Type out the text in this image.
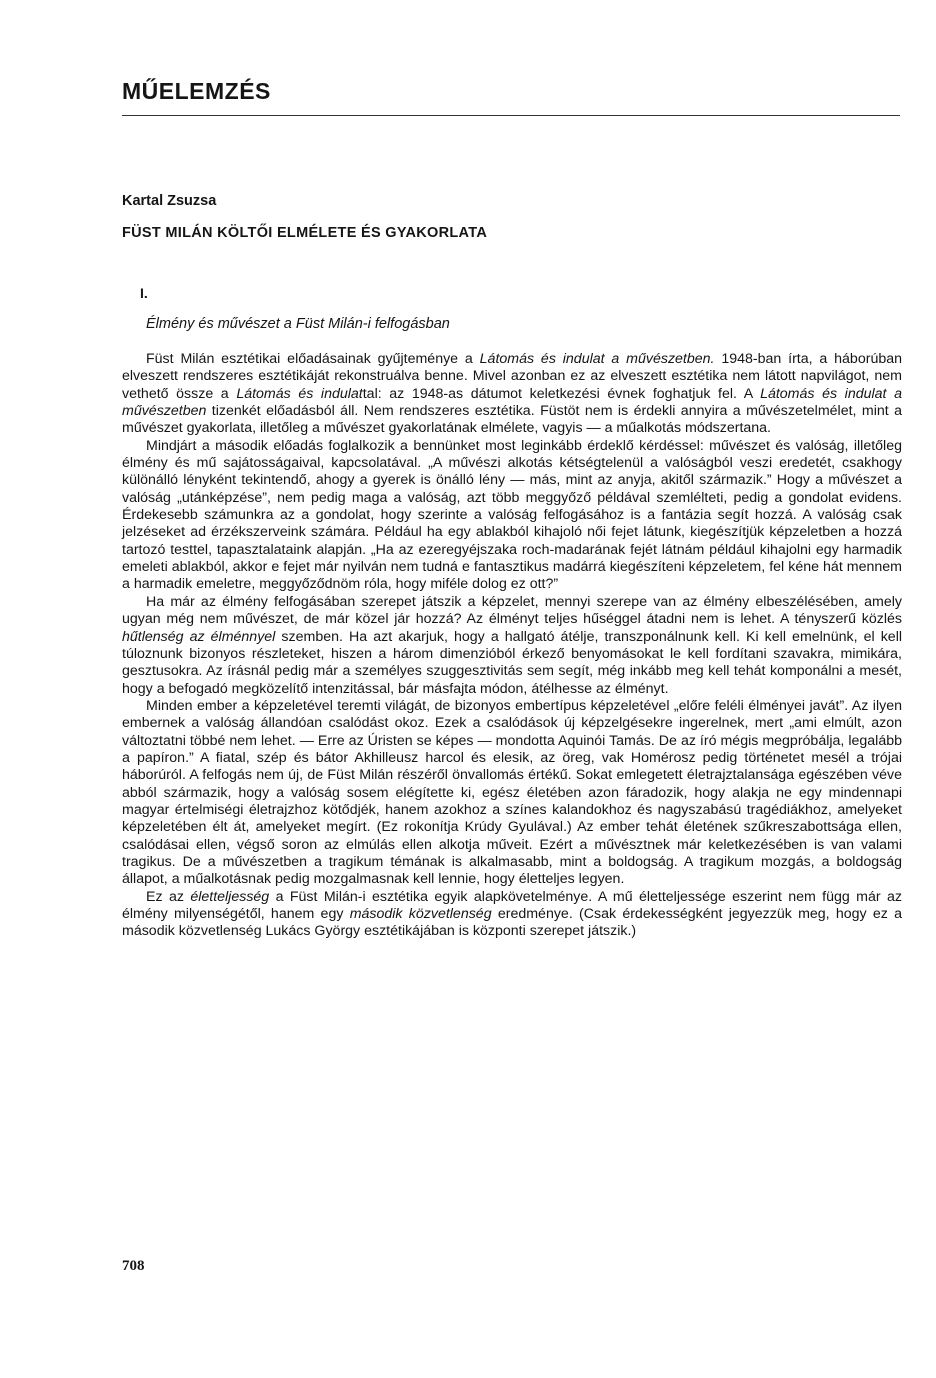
MŰELEMZÉS
Kartal Zsuzsa
FÜST MILÁN KÖLTŐI ELMÉLETE ÉS GYAKORLATA
I.
Élmény és művészet a Füst Milán-i felfogásban

Füst Milán esztétikai előadásainak gyűjteménye a Látomás és indulat a művészetben. 1948-ban írta, a háborúban elveszett rendszeres esztétikáját rekonstruálva benne. Mivel azonban ez az elveszett esztétika nem látott napvilágot, nem vethető össze a Látomás és indulattal: az 1948-as dátumot keletkezési évnek foghatjuk fel. A Látomás és indulat a művészetben tizenkét előadásból áll. Nem rendszeres esztétika. Füstöt nem is érdekli annyira a művészetelmélet, mint a művészet gyakorlata, illetőleg a művészet gyakorlatának elmélete, vagyis — a műalkotás módszertana.

Mindjárt a második előadás foglalkozik a bennünket most leginkább érdeklő kérdéssel: művészet és valóság, illetőleg élmény és mű sajátosságaival, kapcsolatával. „A művészi alkotás kétségtelenül a valóságból veszi eredetét, csakhogy különálló lényként tekintendő, ahogy a gyerek is önálló lény — más, mint az anyja, akitől származik.” Hogy a művészet a valóság „utánképzése”, nem pedig maga a valóság, azt több meggyőző példával szemlélteti, pedig a gondolat evidens. Érdekesebb számunkra az a gondolat, hogy szerinte a valóság felfogásához is a fantázia segít hozzá. A valóság csak jelzéseket ad érzékszerveink számára. Például ha egy ablakból kihajoló női fejet látunk, kiegészítjük képzeletben a hozzá tartozó testtel, tapasztalataink alapján. „Ha az ezeregyéjszaka roch-madarának fejét látnám például kihajolni egy harmadik emeleti ablakból, akkor e fejet már nyilván nem tudná e fantasztikus madárrá kiegészíteni képzeletem, fel kéne hát mennem a harmadik emeletre, meggyőződnöm róla, hogy miféle dolog ez ott?”

Ha már az élmény felfogásában szerepet játszik a képzelet, mennyi szerepe van az élmény elbeszélésében, amely ugyan még nem művészet, de már közel jár hozzá? Az élményt teljes hűséggel átadni nem is lehet. A tényszerű közlés hűtlenség az élménnyel szemben. Ha azt akarjuk, hogy a hallgató átélje, transzponálnunk kell. Ki kell emelnünk, el kell túloznunk bizonyos részleteket, hiszen a három dimenzióból érkező benyomásokat le kell fordítani szavakra, mimikára, gesztusokra. Az írásnál pedig már a személyes szuggesztivitás sem segít, még inkább meg kell tehát komponálni a mesét, hogy a befogadó megközelítő intenzitással, bár másfajta módon, átélhesse az élményt.

Minden ember a képzeletével teremti világát, de bizonyos embertípus képzeletével „előre feléli élményei javát”. Az ilyen embernek a valóság állandóan csalódást okoz. Ezek a csalódások új képzelgésekre ingerelnek, mert „ami elmúlt, azon változtatni többé nem lehet. — Erre az Úristen se képes — mondotta Aquinói Tamás. De az író mégis megpróbálja, legalább a papíron.” A fiatal, szép és bátor Akhilleusz harcol és elesik, az öreg, vak Homérosz pedig történetet mesél a trójai háborúról. A felfogás nem új, de Füst Milán részéről önvallomás értékű. Sokat emlegetett életrajztalansága egészében véve abból származik, hogy a valóság sosem elégítette ki, egész életében azon fáradozik, hogy alakja ne egy mindennapi magyar értelmiségi életrajzhoz kötődjék, hanem azokhoz a színes kalandokhoz és nagyszabású tragédiákhoz, amelyeket képzeletében élt át, amelyeket megírt. (Ez rokonítja Krúdy Gyulával.) Az ember tehát életének szűkreszabottsága ellen, csalódásai ellen, végső soron az elmúlás ellen alkotja műveit. Ezért a művésztnek már keletkezésében is van valami tragikus. De a művészetben a tragikum témának is alkalmasabb, mint a boldogság. A tragikum mozgás, a boldogság állapot, a műalkotásnak pedig mozgalmasnak kell lennie, hogy életteljes legyen.

Ez az életteljesség a Füst Milán-i esztétika egyik alapkövetelménye. A mű életteljessége eszerint nem függ már az élmény milyenségétől, hanem egy második közvetlenség eredménye. (Csak érdekességként jegyezzük meg, hogy ez a második közvetlenség Lukács György esztétikájában is központi szerepet játszik.)

708
